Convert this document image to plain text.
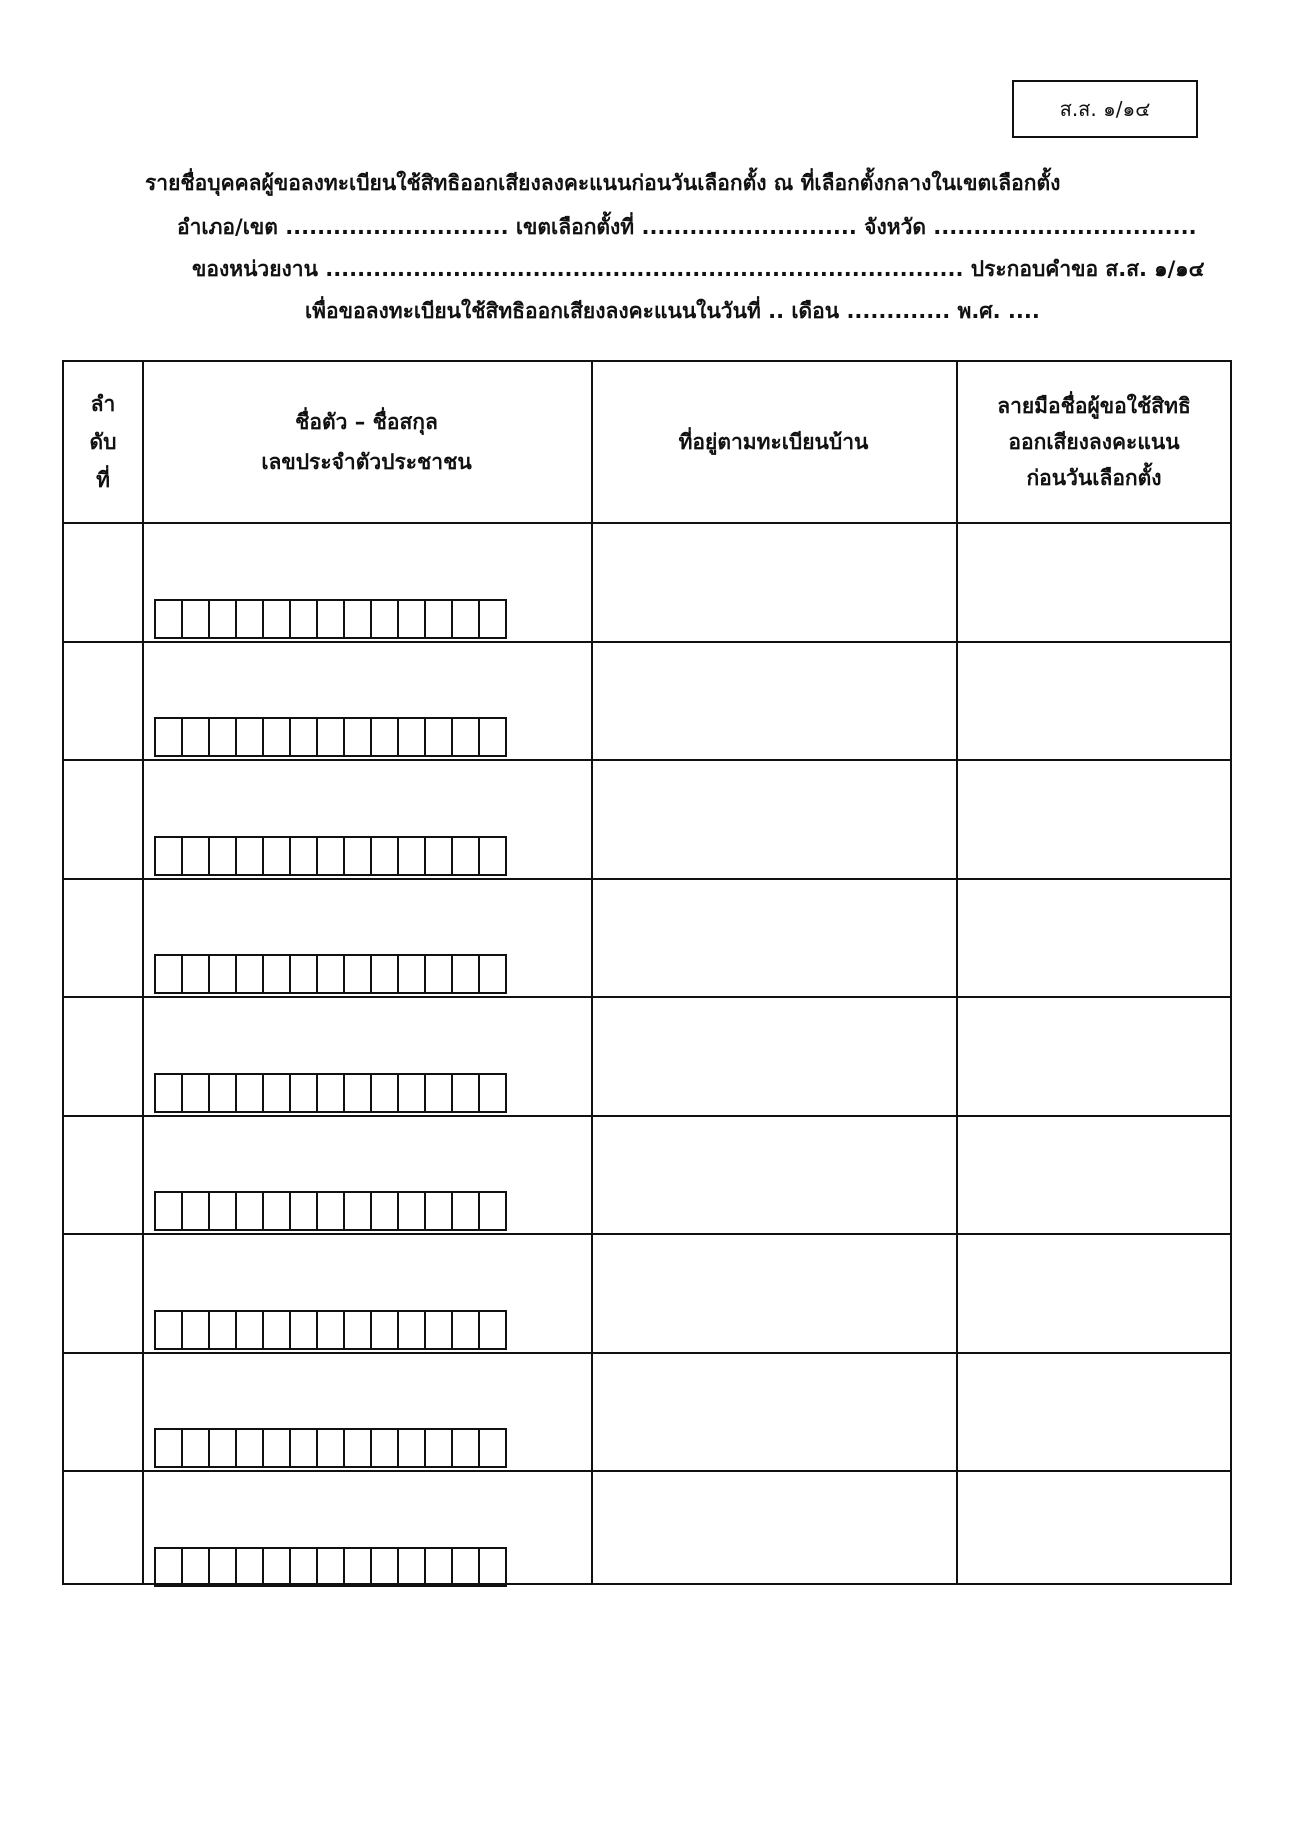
ส.ส. ๑/๑๔
รายชื่อบุคคลผู้ขอลงทะเบียนใช้สิทธิออกเสียงลงคะแนนก่อนวันเลือกตั้ง ณ ที่เลือกตั้งกลางในเขตเลือกตั้ง
อำเภอ/เขต ............................ เขตเลือกตั้งที่ ........................... จังหวัด .................................
ของหน่วยงาน ................................................................................ ประกอบคำขอ ส.ส. ๑/๑๔
เพื่อขอลงทะเบียนใช้สิทธิออกเสียงลงคะแนนในวันที่ .. เดือน ............. พ.ศ. ....
ลำ
ดับ
ที่
ชื่อตัว – ชื่อสกุล
เลขประจำตัวประชาชน
ที่อยู่ตามทะเบียนบ้าน
ลายมือชื่อผู้ขอใช้สิทธิ
ออกเสียงลงคะแนน
ก่อนวันเลือกตั้ง
